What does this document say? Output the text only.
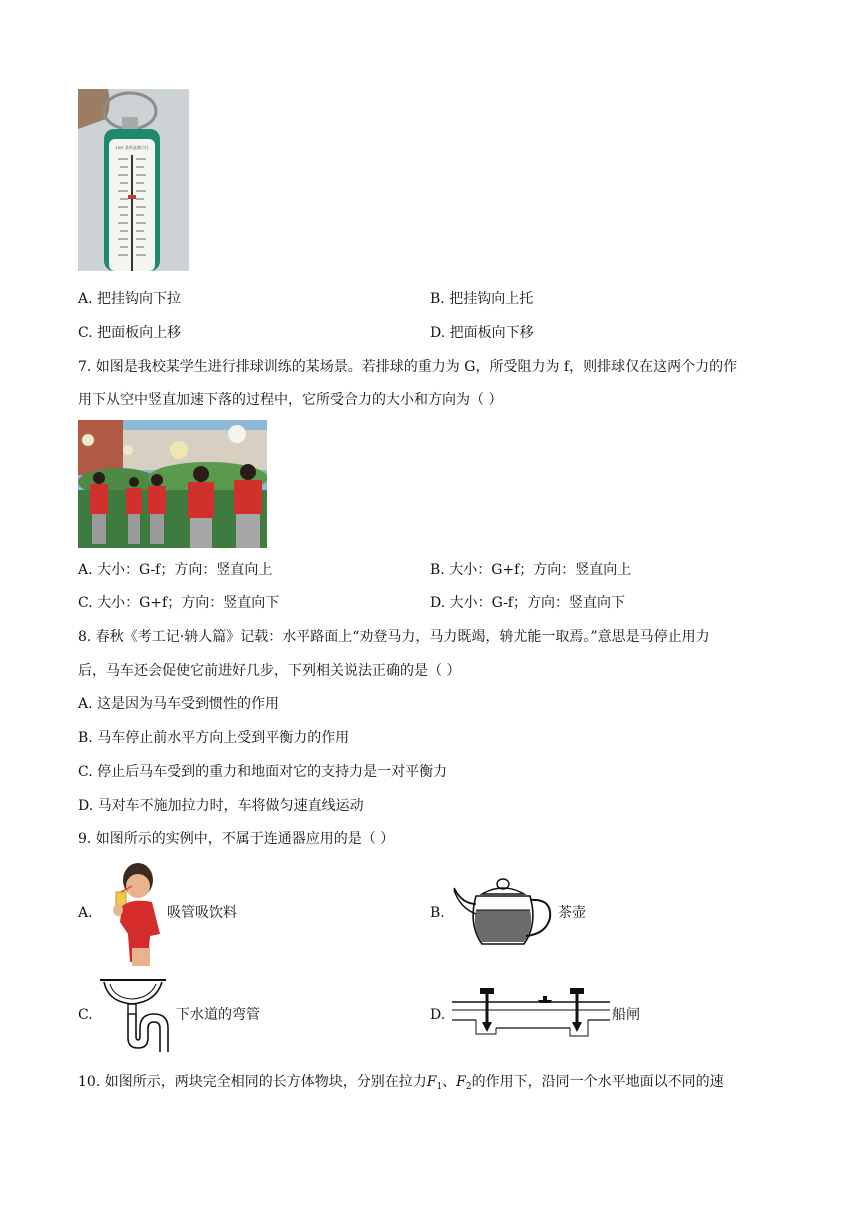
10N 条形盒测力计
A. 把挂钩向下拉	B. 把挂钩向上托
C. 把面板向上移	D. 把面板向下移
7. 如图是我校某学生进行排球训练的某场景。若排球的重力为 G，所受阻力为 f，则排球仅在这两个力的作
用下从空中竖直加速下落的过程中，它所受合力的大小和方向为（ ）
A. 大小：G-f；方向：竖直向上	B. 大小：G+f；方向：竖直向上
C. 大小：G+f；方向：竖直向下	D. 大小：G-f；方向：竖直向下
8. 春秋《考工记·辀人篇》记载：水平路面上“劝登马力，马力既竭，辀尤能一取焉。”意思是马停止用力
后，马车还会促使它前进好几步，下列相关说法正确的是（ ）
A. 这是因为马车受到惯性的作用
B. 马车停止前水平方向上受到平衡力的作用
C. 停止后马车受到的重力和地面对它的支持力是一对平衡力
D. 马对车不施加拉力时，车将做匀速直线运动
9. 如图所示的实例中，不属于连通器应用的是（ ）
A.	吸管吸饮料	B.	茶壶
C.	下水道的弯管	D.	船闸
10. 如图所示，两块完全相同的长方体物块，分别在拉力$F_1$、$F_2$的作用下，沿同一个水平地面以不同的速
